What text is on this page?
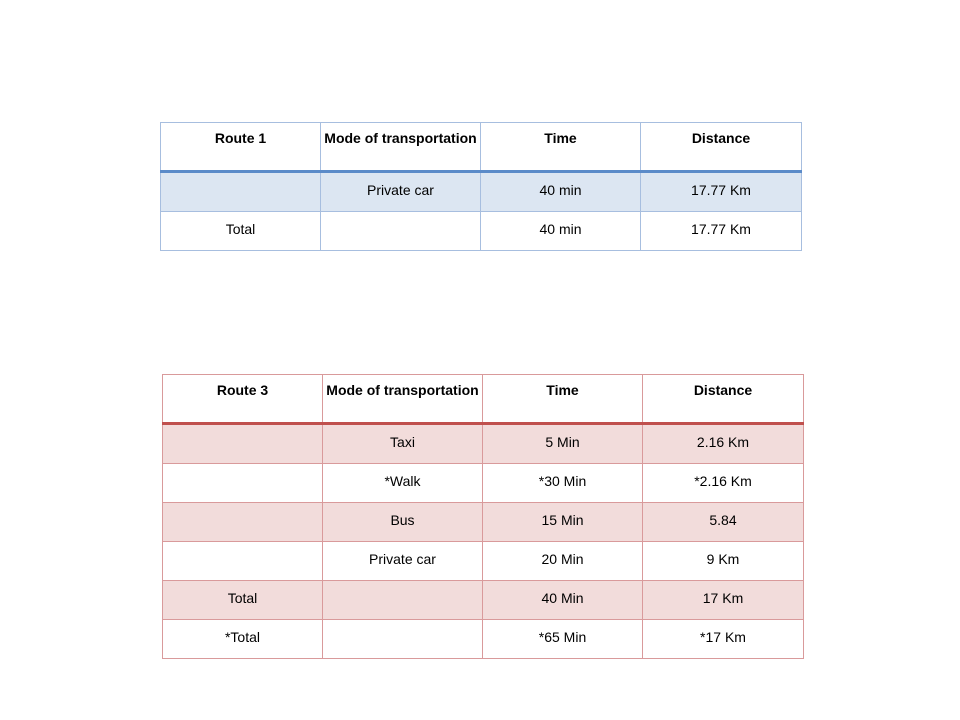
Route 1	Mode of transportation	Time	Distance
	Private car	40 min	17.77 Km
Total		40 min	17.77 Km
Route 3	Mode of transportation	Time	Distance
	Taxi	5 Min	2.16 Km
	*Walk	*30 Min	*2.16 Km
	Bus	15 Min	5.84
	Private car	20 Min	9 Km
Total		40 Min	17 Km
*Total		*65 Min	*17 Km
